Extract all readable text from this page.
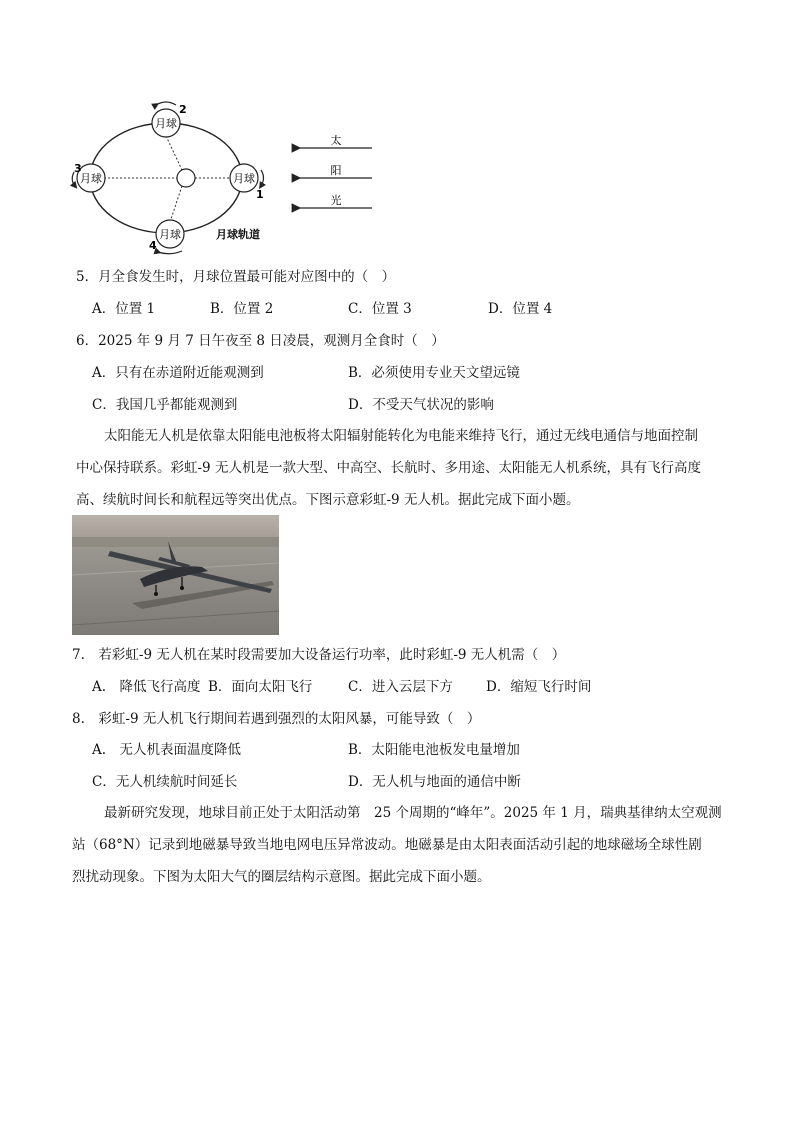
月球
月球
月球
月球
2
1
3
4
月球轨道
太
阳
光
5．月全食发生时，月球位置最可能对应图中的（　）
A．位置 1	B．位置 2	C．位置 3	D．位置 4
6．2025 年 9 月 7 日午夜至 8 日凌晨，观测月全食时（　）
A．只有在赤道附近能观测到	B．必须使用专业天文望远镜
C．我国几乎都能观测到	D．不受天气状况的影响
太阳能无人机是依靠太阳能电池板将太阳辐射能转化为电能来维持飞行，通过无线电通信与地面控制
中心保持联系。彩虹-9 无人机是一款大型、中高空、长航时、多用途、太阳能无人机系统，具有飞行高度
高、续航时间长和航程远等突出优点。下图示意彩虹-9 无人机。据此完成下面小题。
7.　若彩虹-9 无人机在某时段需要加大设备运行功率，此时彩虹-9 无人机需（　）
A.　降低飞行高度 B．面向太阳飞行	C．进入云层下方 D．缩短飞行时间
8.　彩虹-9 无人机飞行期间若遇到强烈的太阳风暴，可能导致（　）
A.　无人机表面温度降低	B．太阳能电池板发电量增加
C．无人机续航时间延长	D．无人机与地面的通信中断
最新研究发现，地球目前正处于太阳活动第　25 个周期的“峰年”。2025 年 1 月，瑞典基律纳太空观测
站（68°N）记录到地磁暴导致当地电网电压异常波动。地磁暴是由太阳表面活动引起的地球磁场全球性剧
烈扰动现象。下图为太阳大气的圈层结构示意图。据此完成下面小题。
